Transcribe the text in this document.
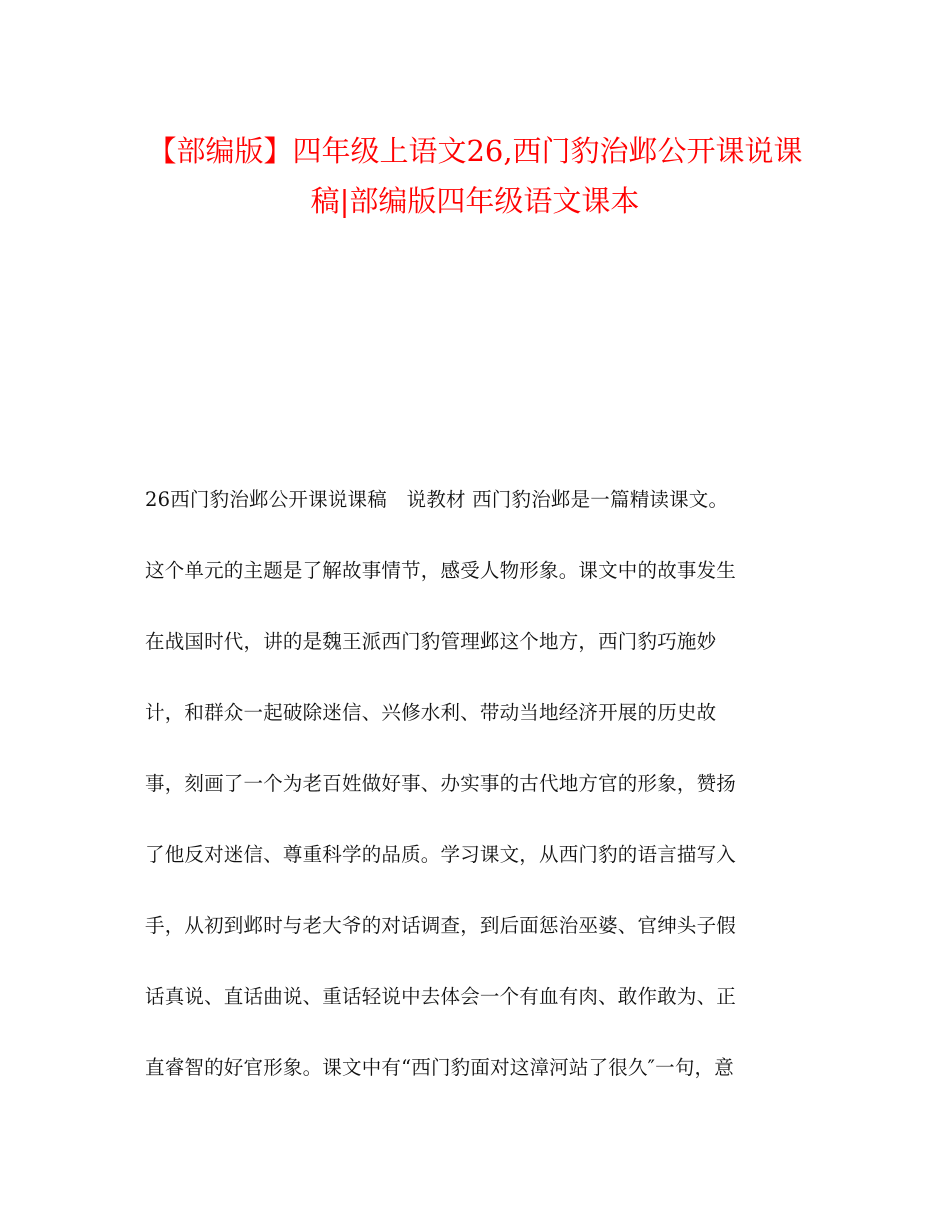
【部编版】四年级上语文26,西门豹治邺公开课说课
稿|部编版四年级语文课本
26西门豹治邺公开课说课稿　说教材 西门豹治邺是一篇精读课文。
这个单元的主题是了解故事情节，感受人物形象。课文中的故事发生
在战国时代，讲的是魏王派西门豹管理邺这个地方，西门豹巧施妙
计，和群众一起破除迷信、兴修水利、带动当地经济开展的历史故
事，刻画了一个为老百姓做好事、办实事的古代地方官的形象，赞扬
了他反对迷信、尊重科学的品质。学习课文，从西门豹的语言描写入
手，从初到邺时与老大爷的对话调查，到后面惩治巫婆、官绅头子假
话真说、直话曲说、重话轻说中去体会一个有血有肉、敢作敢为、正
直睿智的好官形象。课文中有“西门豹面对这漳河站了很久″一句，意
